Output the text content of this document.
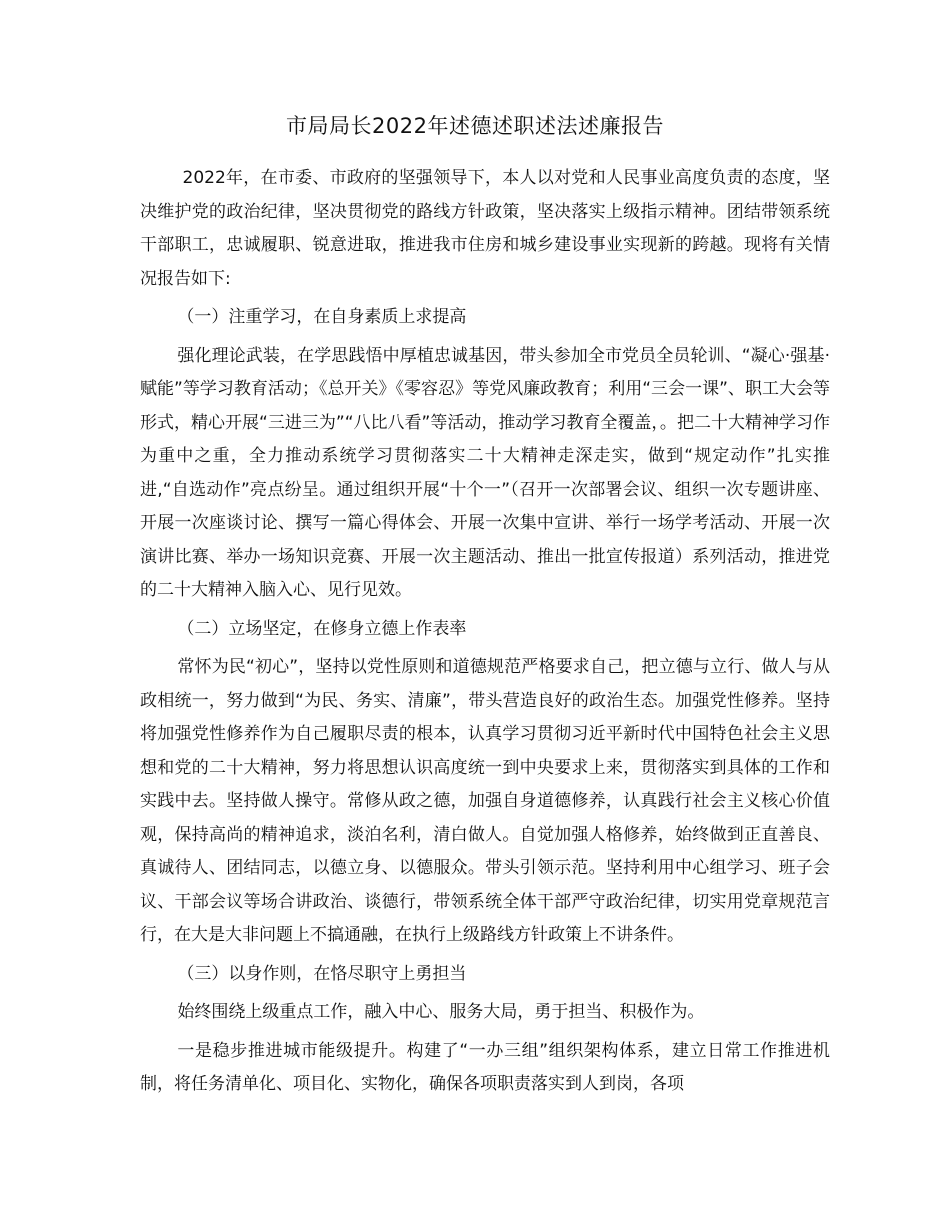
市局局长2022年述德述职述法述廉报告

2022年，在市委、市政府的坚强领导下，本人以对党和人民事业高度负责的态度，坚决维护党的政治纪律，坚决贯彻党的路线方针政策，坚决落实上级指示精神。团结带领系统干部职工，忠诚履职、锐意进取，推进我市住房和城乡建设事业实现新的跨越。现将有关情况报告如下:

（一）注重学习，在自身素质上求提高

强化理论武装，在学思践悟中厚植忠诚基因，带头参加全市党员全员轮训、“凝心·强基·赋能”等学习教育活动；《总开关》《零容忍》等党风廉政教育；利用“三会一课”、职工大会等形式，精心开展“三进三为”“八比八看”等活动，推动学习教育全覆盖，。把二十大精神学习作为重中之重，全力推动系统学习贯彻落实二十大精神走深走实，做到“规定动作”扎实推进,“自选动作”亮点纷呈。通过组织开展“十个一”（召开一次部署会议、组织一次专题讲座、开展一次座谈讨论、撰写一篇心得体会、开展一次集中宣讲、举行一场学考活动、开展一次演讲比赛、举办一场知识竞赛、开展一次主题活动、推出一批宣传报道）系列活动，推进党的二十大精神入脑入心、见行见效。

（二）立场坚定，在修身立德上作表率

常怀为民“初心”，坚持以党性原则和道德规范严格要求自己，把立德与立行、做人与从政相统一，努力做到“为民、务实、清廉”，带头营造良好的政治生态。加强党性修养。坚持将加强党性修养作为自己履职尽责的根本，认真学习贯彻习近平新时代中国特色社会主义思想和党的二十大精神，努力将思想认识高度统一到中央要求上来，贯彻落实到具体的工作和实践中去。坚持做人操守。常修从政之德，加强自身道德修养，认真践行社会主义核心价值观，保持高尚的精神追求，淡泊名利，清白做人。自觉加强人格修养，始终做到正直善良、真诚待人、团结同志，以德立身、以德服众。带头引领示范。坚持利用中心组学习、班子会议、干部会议等场合讲政治、谈德行，带领系统全体干部严守政治纪律，切实用党章规范言行，在大是大非问题上不搞通融，在执行上级路线方针政策上不讲条件。

（三）以身作则，在恪尽职守上勇担当

始终围绕上级重点工作，融入中心、服务大局，勇于担当、积极作为。

一是稳步推进城市能级提升。构建了“一办三组”组织架构体系，建立日常工作推进机制，将任务清单化、项目化、实物化，确保各项职责落实到人到岗，各项
